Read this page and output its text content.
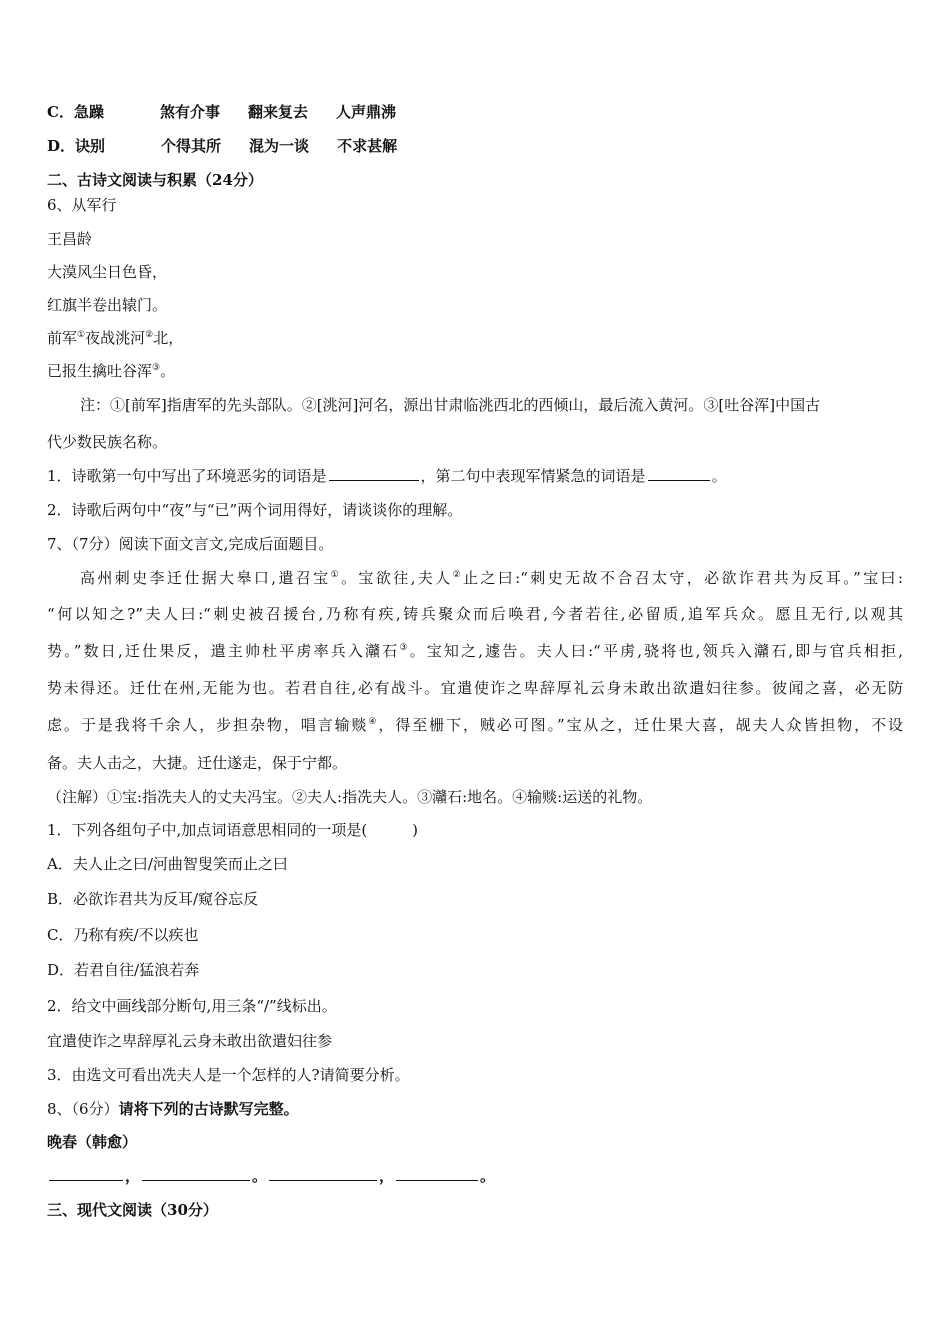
C．急躁	煞有介事 翻来复去 人声鼎沸
D．诀别	个得其所 混为一谈 不求甚解
二、古诗文阅读与积累（24分）
6、从军行
王昌龄
大漠风尘日色昏，
红旗半卷出辕门。
前军①夜战洮河②北，
已报生擒吐谷浑③。
注：①[前军]指唐军的先头部队。②[洮河]河名，源出甘肃临洮西北的西倾山，最后流入黄河。③[吐谷浑]中国古
代少数民族名称。
1．诗歌第一句中写出了环境恶劣的词语是	，第二句中表现军情紧急的词语是	。
2．诗歌后两句中“夜”与“已”两个词用得好，请谈谈你的理解。
7、（7分）阅读下面文言文,完成后面题目。
高州刺史李迁仕据大皋口,遣召宝①。宝欲往,夫人②止之曰:“刺史无故不合召太守，必欲诈君共为反耳。”宝曰:
“何以知之?”夫人曰:“刺史被召援台,乃称有疾,铸兵聚众而后唤君,今者若往,必留质,追军兵众。愿且无行,以观其
势。”数日,迁仕果反，遣主帅杜平虏率兵入灨石③。宝知之,遽告。夫人曰:“平虏,骁将也,领兵入灨石,即与官兵相拒,
势未得还。迁仕在州,无能为也。若君自往,必有战斗。宜遣使诈之卑辞厚礼云身未敢出欲遣妇往参。彼闻之喜，必无防
虑。于是我将千余人，步担杂物，唱言输赕④，得至栅下，贼必可图。”宝从之，迁仕果大喜，觇夫人众皆担物，不设
备。夫人击之，大捷。迁仕遂走，保于宁都。
（注解）①宝:指冼夫人的丈夫冯宝。②夫人:指冼夫人。③灨石:地名。④输赕:运送的礼物。
1．下列各组句子中,加点词语意思相同的一项是(　　　)
A．夫人止之曰/河曲智叟笑而止之曰
B．必欲诈君共为反耳/窥谷忘反
C．乃称有疾/不以疾也
D．若君自往/猛浪若奔
2．给文中画线部分断句,用三条“/”线标出。
宜遣使诈之卑辞厚礼云身未敢出欲遣妇往参
3．由选文可看出冼夫人是一个怎样的人?请简要分析。
8、（6分）请将下列的古诗默写完整。
晚春（韩愈）
，	。	，	。
三、现代文阅读（30分）
